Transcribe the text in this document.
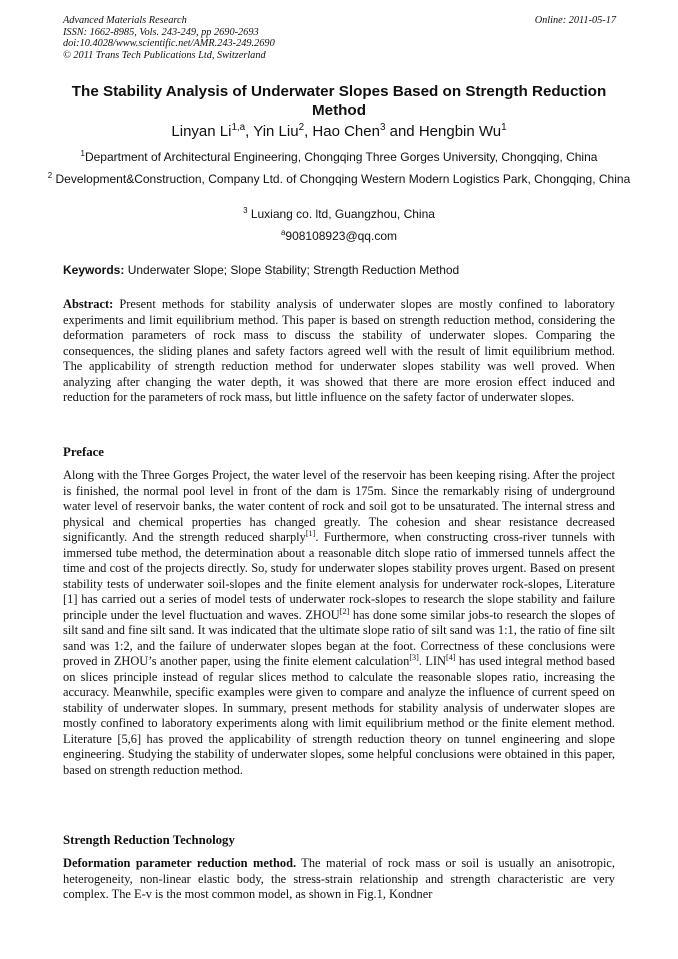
Advanced Materials Research
ISSN: 1662-8985, Vols. 243-249, pp 2690-2693
doi:10.4028/www.scientific.net/AMR.243-249.2690
© 2011 Trans Tech Publications Ltd, Switzerland
Online: 2011-05-17
The Stability Analysis of Underwater Slopes Based on Strength Reduction Method
Linyan Li$^{1,a}$, Yin Liu$^2$, Hao Chen$^3$ and Hengbin Wu$^1$
$^1$Department of Architectural Engineering, Chongqing Three Gorges University, Chongqing, China
$^2$ Development&Construction, Company Ltd. of Chongqing Western Modern Logistics Park, Chongqing, China
$^3$ Luxiang co. ltd, Guangzhou, China
$^a$908108923@qq.com
Keywords: Underwater Slope; Slope Stability; Strength Reduction Method
Abstract: Present methods for stability analysis of underwater slopes are mostly confined to laboratory experiments and limit equilibrium method. This paper is based on strength reduction method, considering the deformation parameters of rock mass to discuss the stability of underwater slopes. Comparing the consequences, the sliding planes and safety factors agreed well with the result of limit equilibrium method. The applicability of strength reduction method for underwater slopes stability was well proved. When analyzing after changing the water depth, it was showed that there are more erosion effect induced and reduction for the parameters of rock mass, but little influence on the safety factor of underwater slopes.
Preface
Along with the Three Gorges Project, the water level of the reservoir has been keeping rising. After the project is finished, the normal pool level in front of the dam is 175m. Since the remarkably rising of underground water level of reservoir banks, the water content of rock and soil got to be unsaturated. The internal stress and physical and chemical properties has changed greatly. The cohesion and shear resistance decreased significantly. And the strength reduced sharply[1]. Furthermore, when constructing cross-river tunnels with immersed tube method, the determination about a reasonable ditch slope ratio of immersed tunnels affect the time and cost of the projects directly. So, study for underwater slopes stability proves urgent. Based on present stability tests of underwater soil-slopes and the finite element analysis for underwater rock-slopes, Literature [1] has carried out a series of model tests of underwater rock-slopes to research the slope stability and failure principle under the level fluctuation and waves. ZHOU[2] has done some similar jobs-to research the slopes of silt sand and fine silt sand. It was indicated that the ultimate slope ratio of silt sand was 1:1, the ratio of fine silt sand was 1:2, and the failure of underwater slopes began at the foot. Correctness of these conclusions were proved in ZHOU’s another paper, using the finite element calculation[3]. LIN[4] has used integral method based on slices principle instead of regular slices method to calculate the reasonable slopes ratio, increasing the accuracy. Meanwhile, specific examples were given to compare and analyze the influence of current speed on stability of underwater slopes. In summary, present methods for stability analysis of underwater slopes are mostly confined to laboratory experiments along with limit equilibrium method or the finite element method. Literature [5,6] has proved the applicability of strength reduction theory on tunnel engineering and slope engineering. Studying the stability of underwater slopes, some helpful conclusions were obtained in this paper, based on strength reduction method.
Strength Reduction Technology
Deformation parameter reduction method. The material of rock mass or soil is usually an anisotropic, heterogeneity, non-linear elastic body, the stress-strain relationship and strength characteristic are very complex. The E-v is the most common model, as shown in Fig.1, Kondner
